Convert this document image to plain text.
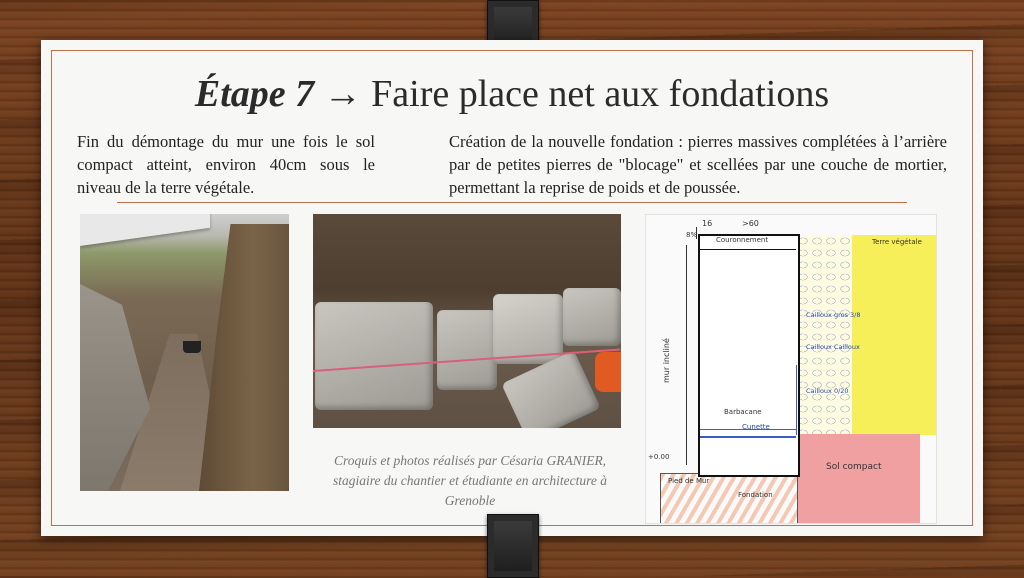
Étape 7 → Faire place net aux fondations
Fin du démontage du mur une fois le sol compact atteint, environ 40cm sous le niveau de la terre végétale.
Création de la nouvelle fondation : pierres massives complétées à l’arrière par de petites pierres de "blocage" et scellées par une couche de mortier, permettant la reprise de poids et de poussée.
16	>60
8%
Couronnement	Terre végétale
Cailloux gros 3/8
Cailloux Cailloux
Cailloux 0/20
Barbacane
Cunette
Sol compact
Pied de Mur
Fondation
mur incliné
+0.00
Croquis et photos réalisés par Césaria GRANIER, stagiaire du chantier et étudiante en architecture à Grenoble
